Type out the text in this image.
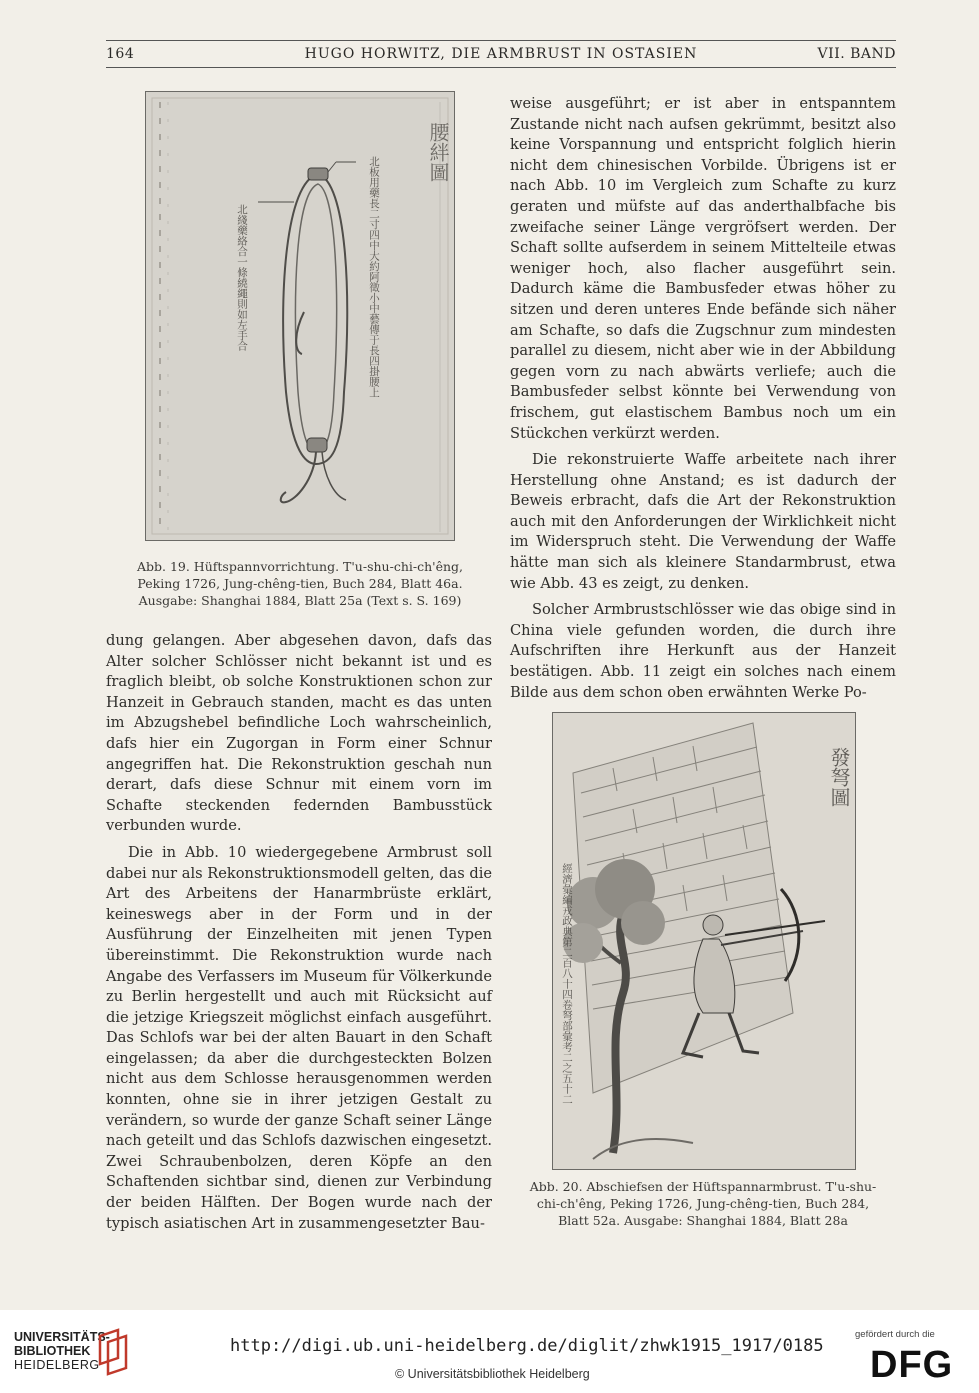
164	HUGO HORWITZ, DIE ARMBRUST IN OSTASIEN	VII. BAND
腰絆圖
北板用藥長二寸四中大約阿徵小中藝傳于長四掛腰上
北綫藥絡合一條繞繩則如左手合
Abb. 19. Hüftspannvorrichtung. T'u-shu-chi-ch'êng,
Peking 1726, Jung-chêng-tien, Buch 284, Blatt 46a.
Ausgabe: Shanghai 1884, Blatt 25a (Text s. S. 169)

weise ausgeführt; er ist aber in entspanntem Zustande nicht nach aufsen gekrümmt, besitzt also keine Vorspannung und entspricht folglich hierin nicht dem chinesischen Vorbilde. Übrigens ist er nach Abb. 10 im Vergleich zum Schafte zu kurz geraten und müfste auf das anderthalbfache bis zweifache seiner Länge vergröfsert werden. Der Schaft sollte aufserdem in seinem Mittelteile etwas weniger hoch, also flacher ausgeführt sein. Dadurch käme die Bambusfeder etwas höher zu sitzen und deren unteres Ende befände sich näher am Schafte, so dafs die Zugschnur zum mindesten parallel zu diesem, nicht aber wie in der Abbildung gegen vorn zu nach abwärts verliefe; auch die Bambusfeder selbst könnte bei Verwendung von frischem, gut elastischem Bambus noch um ein Stückchen verkürzt werden.

Die rekonstruierte Waffe arbeitete nach ihrer Herstellung ohne Anstand; es ist dadurch der Beweis erbracht, dafs die Art der Rekonstruktion auch mit den Anforderungen der Wirklichkeit nicht im Widerspruch steht. Die Verwendung der Waffe hätte man sich als kleinere Standarmbrust, etwa wie Abb. 43 es zeigt, zu denken.

Solcher Armbrustschlösser wie das obige sind in China viele gefunden worden, die durch ihre Aufschriften ihre Herkunft aus der Hanzeit bestätigen. Abb. 11 zeigt ein solches nach einem Bilde aus dem schon oben erwähnten Werke Po-

dung gelangen. Aber abgesehen davon, dafs das Alter solcher Schlösser nicht bekannt ist und es fraglich bleibt, ob solche Konstruktionen schon zur Hanzeit in Gebrauch standen, macht es das unten im Abzugshebel befindliche Loch wahrscheinlich, dafs hier ein Zugorgan in Form einer Schnur angegriffen hat. Die Rekonstruktion geschah nun derart, dafs diese Schnur mit einem vorn im Schafte steckenden federnden Bambusstück verbunden wurde.

Die in Abb. 10 wiedergegebene Armbrust soll dabei nur als Rekonstruktionsmodell gelten, das die Art des Arbeitens der Hanarmbrüste erklärt, keineswegs aber in der Form und in der Ausführung der Einzelheiten mit jenen Typen übereinstimmt. Die Rekonstruktion wurde nach Angabe des Verfassers im Museum für Völkerkunde zu Berlin hergestellt und auch mit Rücksicht auf die jetzige Kriegszeit möglichst einfach ausgeführt. Das Schlofs war bei der alten Bauart in den Schaft eingelassen; da aber die durchgesteckten Bolzen nicht aus dem Schlosse herausgenommen werden konnten, ohne sie in ihrer jetzigen Gestalt zu verändern, so wurde der ganze Schaft seiner Länge nach geteilt und das Schlofs dazwischen eingesetzt. Zwei Schraubenbolzen, deren Köpfe an den Schaftenden sichtbar sind, dienen zur Verbindung der beiden Hälften. Der Bogen wurde nach der typisch asiatischen Art in zusammengesetzter Bau-

發弩圖
經濟彙編戎政典第二百八十四卷弩部彙考二之五十二
Abb. 20. Abschiefsen der Hüftspannarmbrust. T'u-shu-
chi-ch'êng, Peking 1726, Jung-chêng-tien, Buch 284,
Blatt 52a. Ausgabe: Shanghai 1884, Blatt 28a
UNIVERSITÄTS-
BIBLIOTHEK
HEIDELBERG
http://digi.ub.uni-heidelberg.de/diglit/zhwk1915_1917/0185
© Universitätsbibliothek Heidelberg
gefördert durch die
DFG
